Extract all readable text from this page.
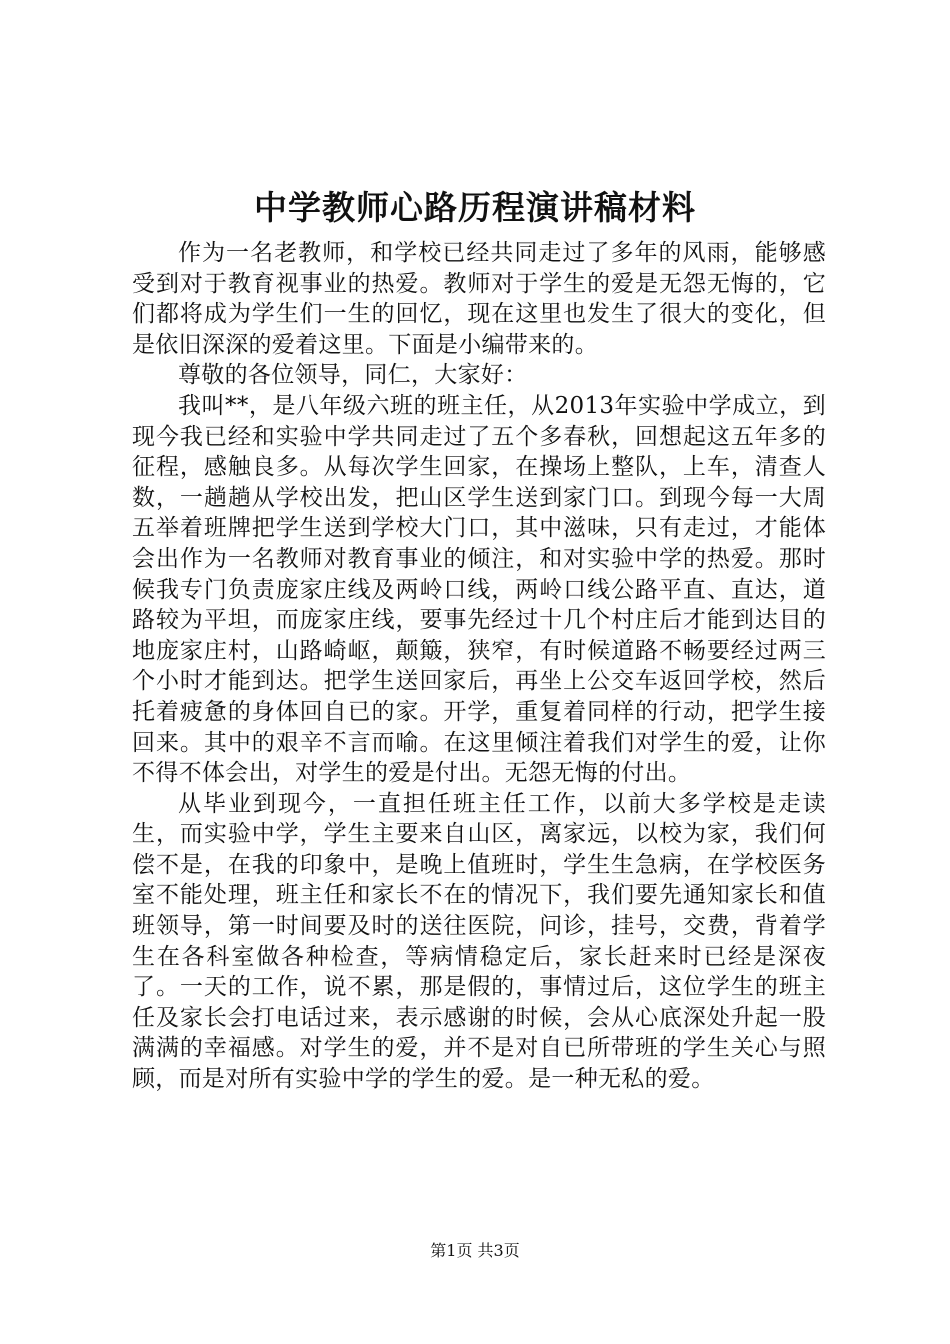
中学教师心路历程演讲稿材料

作为一名老教师，和学校已经共同走过了多年的风雨，能够感受到对于教育视事业的热爱。教师对于学生的爱是无怨无悔的，它们都将成为学生们一生的回忆，现在这里也发生了很大的变化，但是依旧深深的爱着这里。下面是小编带来的。

尊敬的各位领导，同仁，大家好：

我叫**，是八年级六班的班主任，从2013年实验中学成立，到现今我已经和实验中学共同走过了五个多春秋，回想起这五年多的征程，感触良多。从每次学生回家，在操场上整队，上车，清查人数，一趟趟从学校出发，把山区学生送到家门口。到现今每一大周五举着班牌把学生送到学校大门口，其中滋味，只有走过，才能体会出作为一名教师对教育事业的倾注，和对实验中学的热爱。那时候我专门负责庞家庄线及两岭口线，两岭口线公路平直、直达，道路较为平坦，而庞家庄线，要事先经过十几个村庄后才能到达目的地庞家庄村，山路崎岖，颠簸，狭窄，有时候道路不畅要经过两三个小时才能到达。把学生送回家后，再坐上公交车返回学校，然后托着疲惫的身体回自已的家。开学，重复着同样的行动，把学生接回来。其中的艰辛不言而喻。在这里倾注着我们对学生的爱，让你不得不体会出，对学生的爱是付出。无怨无悔的付出。

从毕业到现今，一直担任班主任工作，以前大多学校是走读生，而实验中学，学生主要来自山区，离家远，以校为家，我们何偿不是，在我的印象中，是晚上值班时，学生生急病，在学校医务室不能处理，班主任和家长不在的情况下，我们要先通知家长和值班领导，第一时间要及时的送往医院，问诊，挂号，交费，背着学生在各科室做各种检查，等病情稳定后，家长赶来时已经是深夜了。一天的工作，说不累，那是假的，事情过后，这位学生的班主任及家长会打电话过来，表示感谢的时候，会从心底深处升起一股满满的幸福感。对学生的爱，并不是对自已所带班的学生关心与照顾，而是对所有实验中学的学生的爱。是一种无私的爱。

第1页 共3页
